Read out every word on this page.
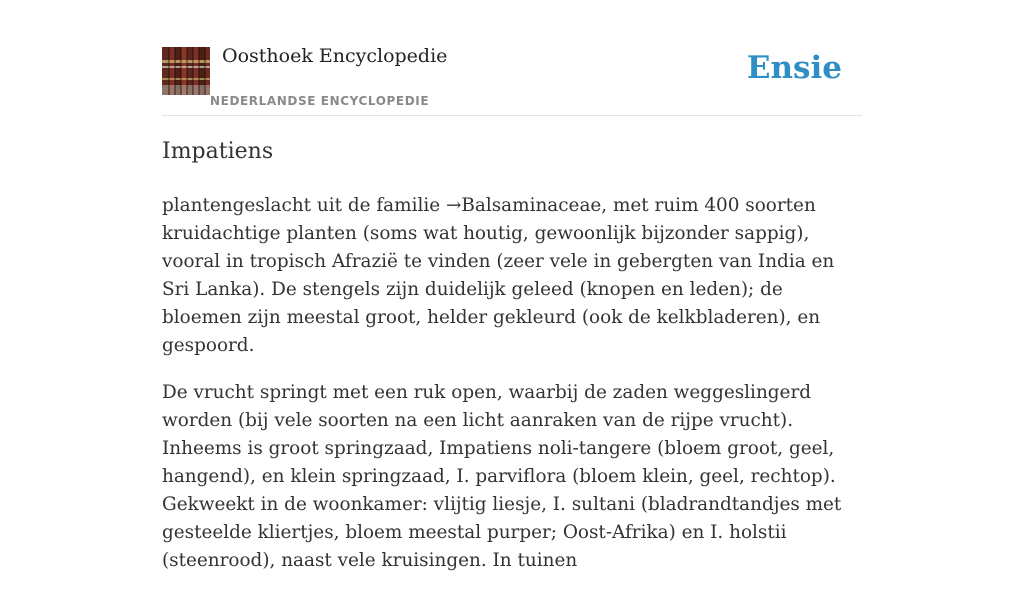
Oosthoek Encyclopedie
NEDERLANDSE ENCYCLOPEDIE
Ensie
Impatiens

plantengeslacht uit de familie →Balsaminaceae, met ruim 400 soorten kruidachtige planten (soms wat houtig, gewoonlijk bijzonder sappig), vooral in tropisch Afrazië te vinden (zeer vele in gebergten van India en Sri Lanka). De stengels zijn duidelijk geleed (knopen en leden); de bloemen zijn meestal groot, helder gekleurd (ook de kelkbladeren), en gespoord.

De vrucht springt met een ruk open, waarbij de zaden weggeslingerd worden (bij vele soorten na een licht aanraken van de rijpe vrucht). Inheems is groot springzaad, Impatiens noli-tangere (bloem groot, geel, hangend), en klein springzaad, I. parviflora (bloem klein, geel, rechtop). Gekweekt in de woonkamer: vlijtig liesje, I. sultani (bladrandtandjes met gesteelde kliertjes, bloem meestal purper; Oost-Afrika) en I. holstii (steenrood), naast vele kruisingen. In tuinen
